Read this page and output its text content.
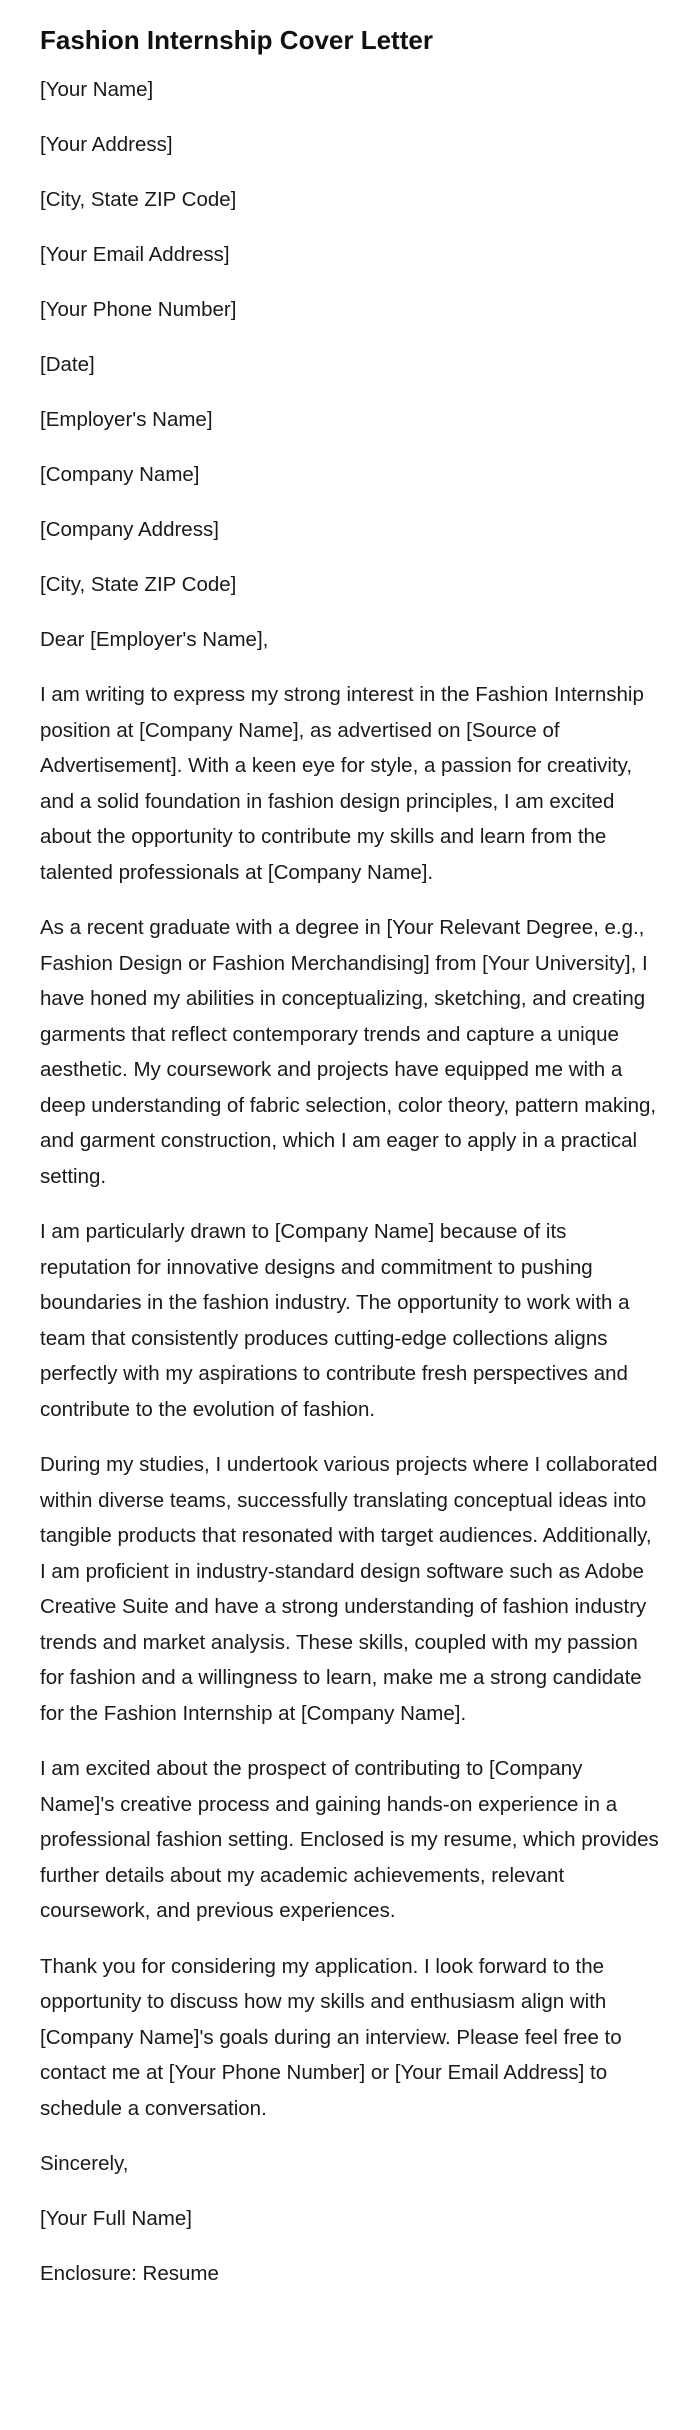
Fashion Internship Cover Letter

[Your Name]

[Your Address]

[City, State ZIP Code]

[Your Email Address]

[Your Phone Number]

[Date]

[Employer's Name]

[Company Name]

[Company Address]

[City, State ZIP Code]

Dear [Employer's Name],

I am writing to express my strong interest in the Fashion Internship position at [Company Name], as advertised on [Source of Advertisement]. With a keen eye for style, a passion for creativity, and a solid foundation in fashion design principles, I am excited about the opportunity to contribute my skills and learn from the talented professionals at [Company Name].

As a recent graduate with a degree in [Your Relevant Degree, e.g., Fashion Design or Fashion Merchandising] from [Your University], I have honed my abilities in conceptualizing, sketching, and creating garments that reflect contemporary trends and capture a unique aesthetic. My coursework and projects have equipped me with a deep understanding of fabric selection, color theory, pattern making, and garment construction, which I am eager to apply in a practical setting.

I am particularly drawn to [Company Name] because of its reputation for innovative designs and commitment to pushing boundaries in the fashion industry. The opportunity to work with a team that consistently produces cutting-edge collections aligns perfectly with my aspirations to contribute fresh perspectives and contribute to the evolution of fashion.

During my studies, I undertook various projects where I collaborated within diverse teams, successfully translating conceptual ideas into tangible products that resonated with target audiences. Additionally, I am proficient in industry-standard design software such as Adobe Creative Suite and have a strong understanding of fashion industry trends and market analysis. These skills, coupled with my passion for fashion and a willingness to learn, make me a strong candidate for the Fashion Internship at [Company Name].

I am excited about the prospect of contributing to [Company Name]'s creative process and gaining hands-on experience in a professional fashion setting. Enclosed is my resume, which provides further details about my academic achievements, relevant coursework, and previous experiences.

Thank you for considering my application. I look forward to the opportunity to discuss how my skills and enthusiasm align with [Company Name]'s goals during an interview. Please feel free to contact me at [Your Phone Number] or [Your Email Address] to schedule a conversation.

Sincerely,

[Your Full Name]

Enclosure: Resume
